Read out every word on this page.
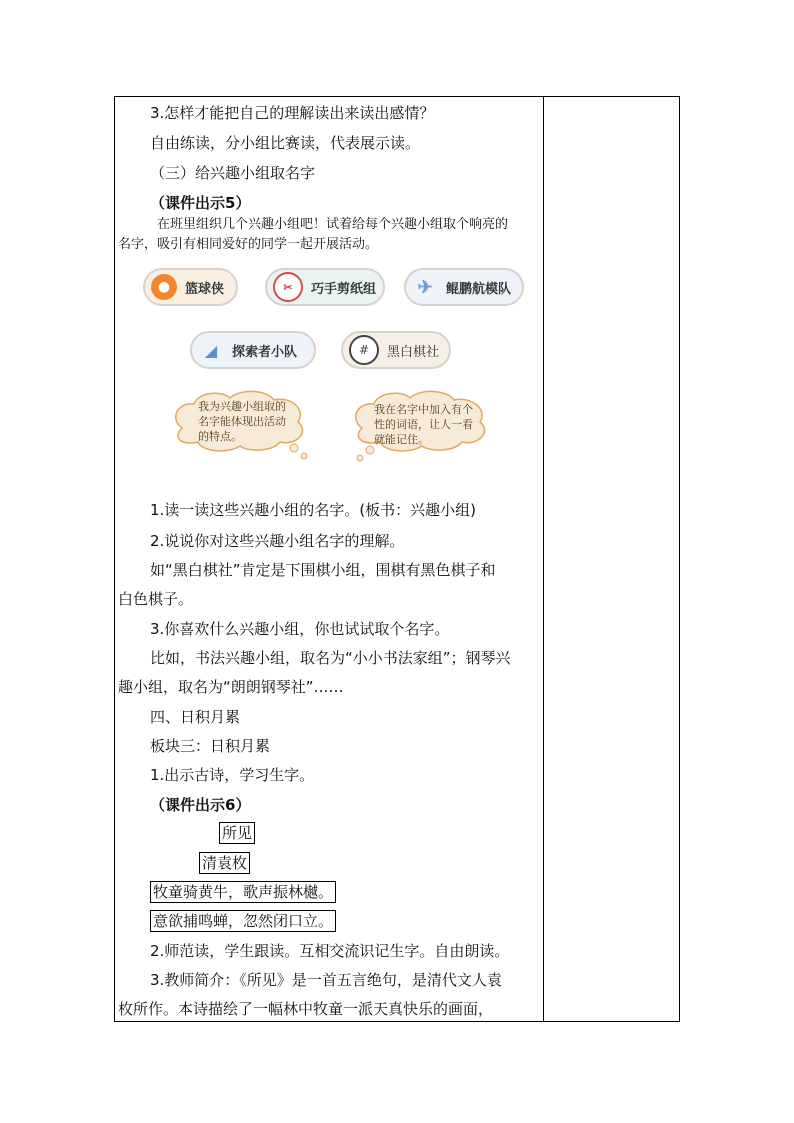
3.怎样才能把自己的理解读出来读出感情？
自由练读，分小组比赛读，代表展示读。
（三）给兴趣小组取名字
（课件出示5）
在班里组织几个兴趣小组吧！试着给每个兴趣小组取个响亮的
名字，吸引有相同爱好的同学一起开展活动。
●	篮球侠	✂	巧手剪纸组	✈	鲲鹏航模队
◢	探索者小队	#	黑白棋社
我为兴趣小组取的名字能体现出活动的特点。
我在名字中加入有个性的词语，让人一看就能记住。
1.读一读这些兴趣小组的名字。(板书：兴趣小组)
2.说说你对这些兴趣小组名字的理解。
如“黑白棋社”肯定是下围棋小组，围棋有黑色棋子和
白色棋子。
3.你喜欢什么兴趣小组，你也试试取个名字。
比如，书法兴趣小组，取名为“小小书法家组”；钢琴兴
趣小组，取名为“朗朗钢琴社”……
四、日积月累
板块三：日积月累
1.出示古诗，学习生字。
（课件出示6）
所见
清袁枚
牧童骑黄牛，歌声振林樾。
意欲捕鸣蝉，忽然闭口立。
2.师范读，学生跟读。互相交流识记生字。自由朗读。
3.教师简介：《所见》是一首五言绝句，是清代文人袁
枚所作。本诗描绘了一幅林中牧童一派天真快乐的画面，
